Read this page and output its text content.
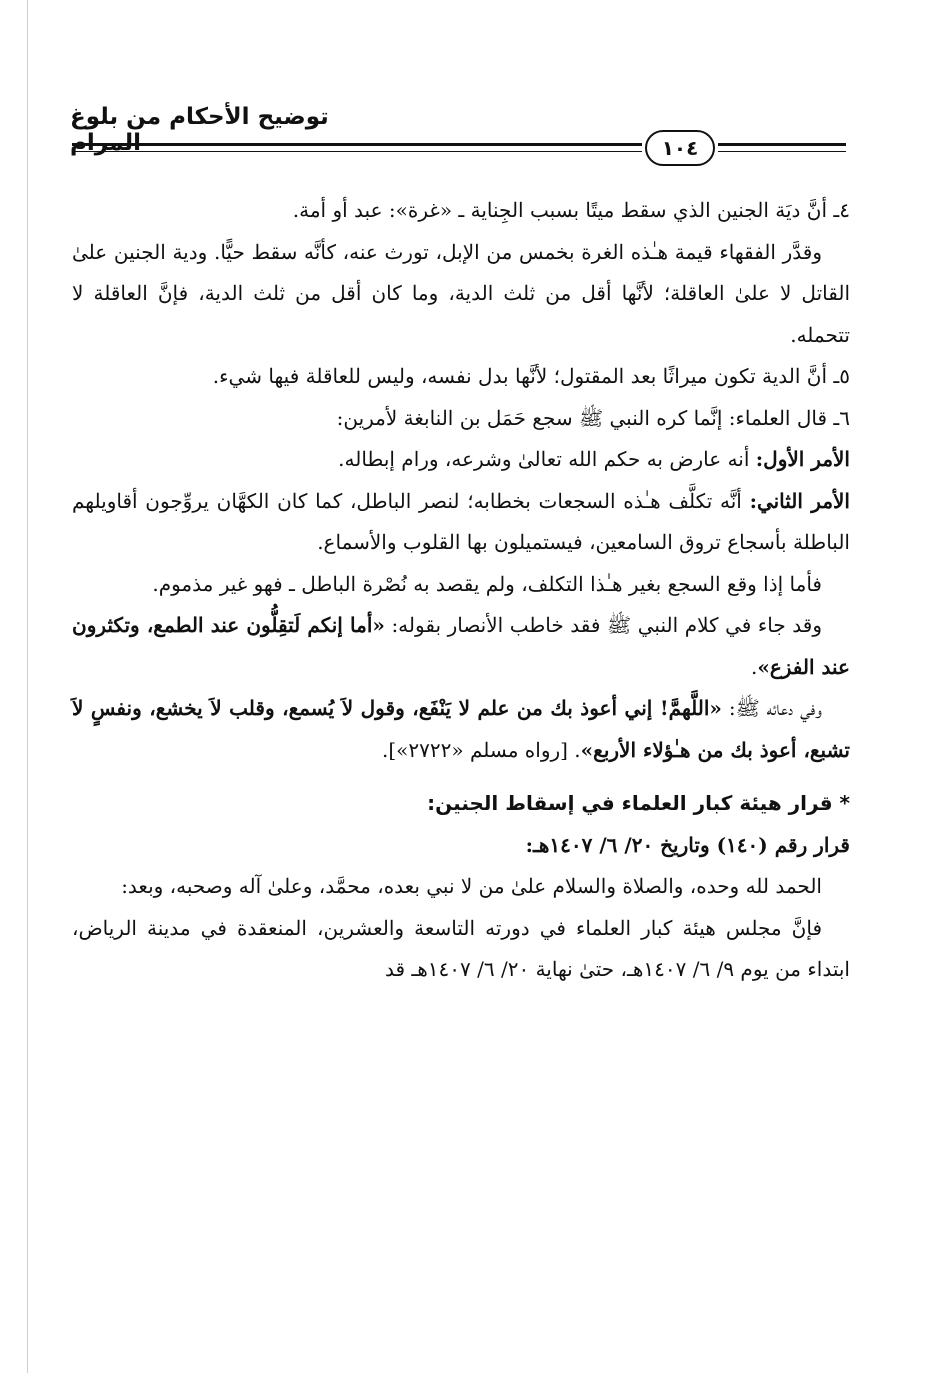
توضيح الأحكام من بلوغ المرام	١٠٤

٤ـ أنَّ ديَة الجنين الذي سقط ميتًا بسبب الجِناية ـ «غرة»: عبد أو أمة.

وقدَّر الفقهاء قيمة هـٰذه الغرة بخمس من الإبل، تورث عنه، كأنَّه سقط حيًّا. ودية الجنين علىٰ القاتل لا علىٰ العاقلة؛ لأنَّها أقل من ثلث الدية، وما كان أقل من ثلث الدية، فإنَّ العاقلة لا تتحمله.

٥ـ أنَّ الدية تكون ميراثًا بعد المقتول؛ لأنَّها بدل نفسه، وليس للعاقلة فيها شيء.

٦ـ قال العلماء: إنَّما كره النبي ﷺ سجع حَمَل بن النابغة لأمرين:

الأمر الأول: أنه عارض به حكم الله تعالىٰ وشرعه، ورام إبطاله.

الأمر الثاني: أنَّه تكلَّف هـٰذه السجعات بخطابه؛ لنصر الباطل، كما كان الكهَّان يروِّجون أقاويلهم الباطلة بأسجاع تروق السامعين، فيستميلون بها القلوب والأسماع.

فأما إذا وقع السجع بغير هـٰذا التكلف، ولم يقصد به نُصْرة الباطل ـ فهو غير مذموم.

وقد جاء في كلام النبي ﷺ فقد خاطب الأنصار بقوله: «أما إنكم لَتقِلُّون عند الطمع، وتكثرون عند الفزع».

وفي دعائه ﷺ: «اللَّهمَّ! إني أعوذ بك من علم لا يَنْفَع، وقول لاَ يُسمع، وقلب لاَ يخشع، ونفسٍ لاَ تشبع، أعوذ بك من هـٰؤلاء الأربع». [رواه مسلم «٢٧٢٢»].

* قرار هيئة كبار العلماء في إسقاط الجنين:

قرار رقم (١٤٠) وتاريخ ٢٠/ ٦/ ١٤٠٧هـ:

الحمد لله وحده، والصلاة والسلام علىٰ من لا نبي بعده، محمَّد، وعلىٰ آله وصحبه، وبعد:

فإنَّ مجلس هيئة كبار العلماء في دورته التاسعة والعشرين، المنعقدة في مدينة الرياض، ابتداء من يوم ٩/ ٦/ ١٤٠٧هـ، حتىٰ نهاية ٢٠/ ٦/ ١٤٠٧هـ قد
